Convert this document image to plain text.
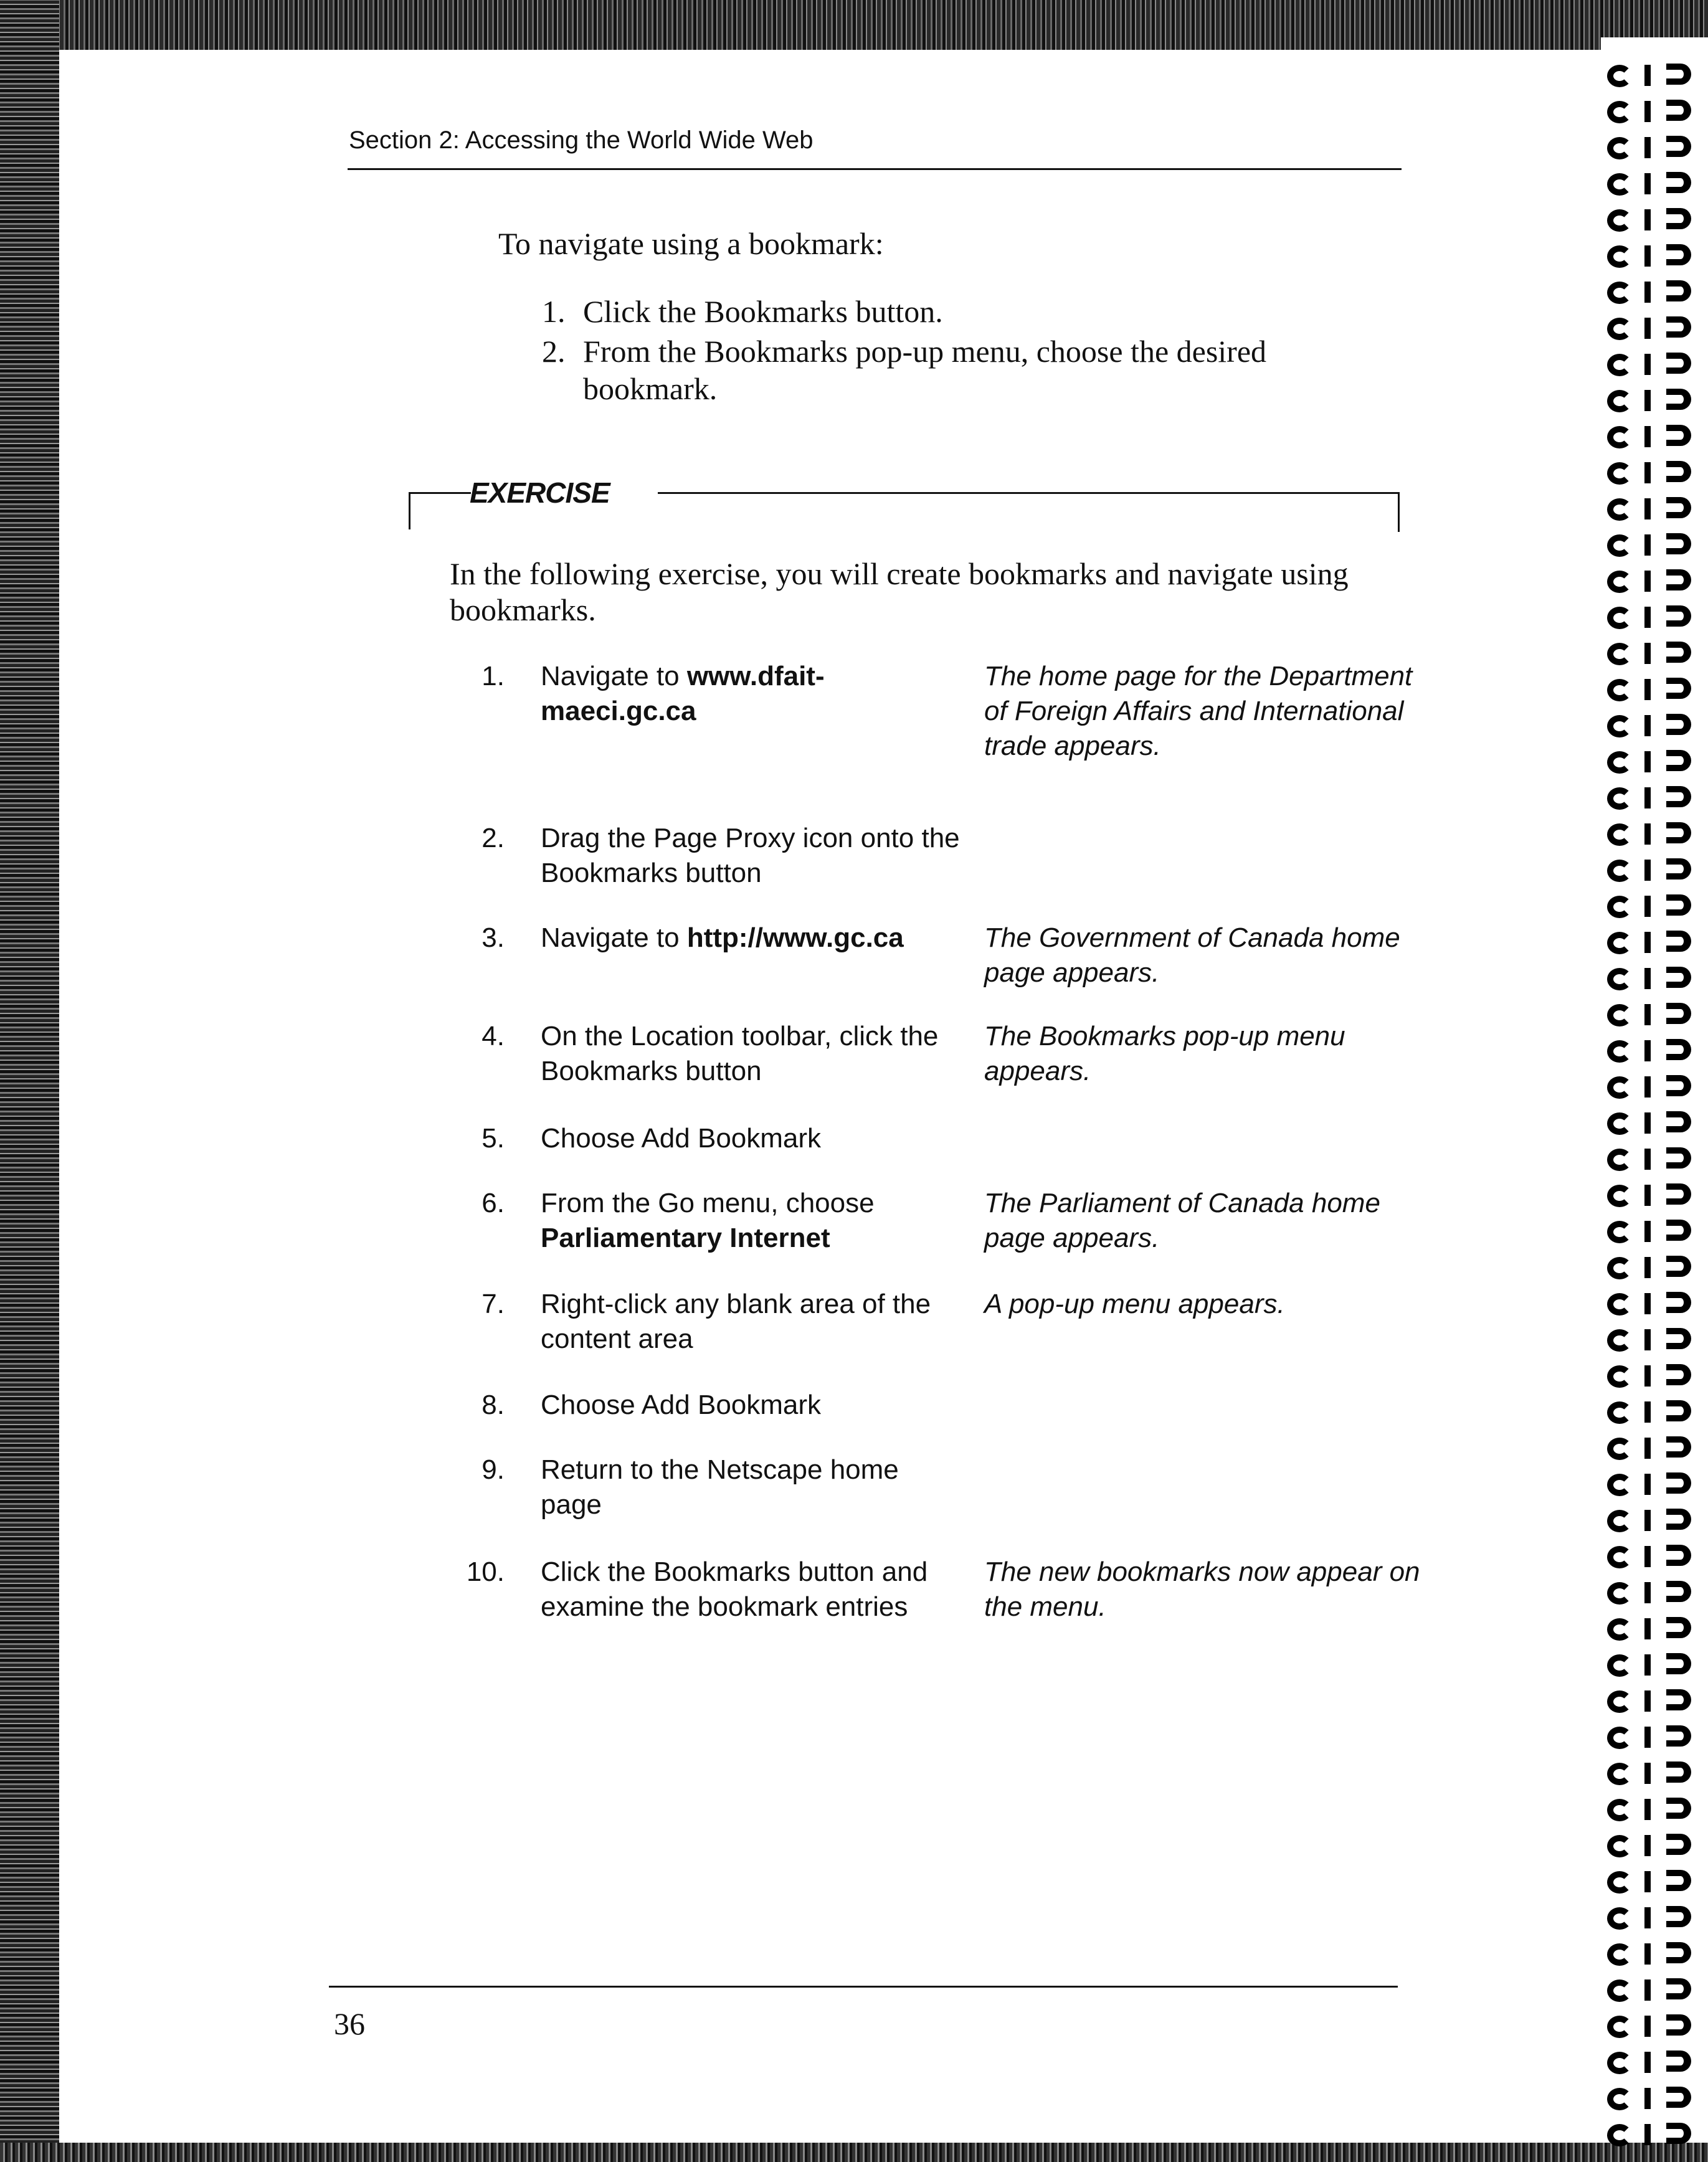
Section 2: Accessing the World Wide Web
To navigate using a bookmark:
1. Click the Bookmarks button.
2. From the Bookmarks pop-up menu, choose the desired bookmark.
EXERCISE
In the following exercise, you will create bookmarks and navigate using bookmarks.
1. Navigate to www.dfait-maeci.gc.ca
The home page for the Department of Foreign Affairs and International trade appears.
2. Drag the Page Proxy icon onto the Bookmarks button
3. Navigate to http://www.gc.ca	The Government of Canada home page appears.
4. On the Location toolbar, click the Bookmarks button
The Bookmarks pop-up menu appears.
5. Choose Add Bookmark
6. From the Go menu, choose Parliamentary Internet
The Parliament of Canada home page appears.
7. Right-click any blank area of the content area
A pop-up menu appears.
8. Choose Add Bookmark
9. Return to the Netscape home page
10. Click the Bookmarks button and examine the bookmark entries
The new bookmarks now appear on the menu.
36
